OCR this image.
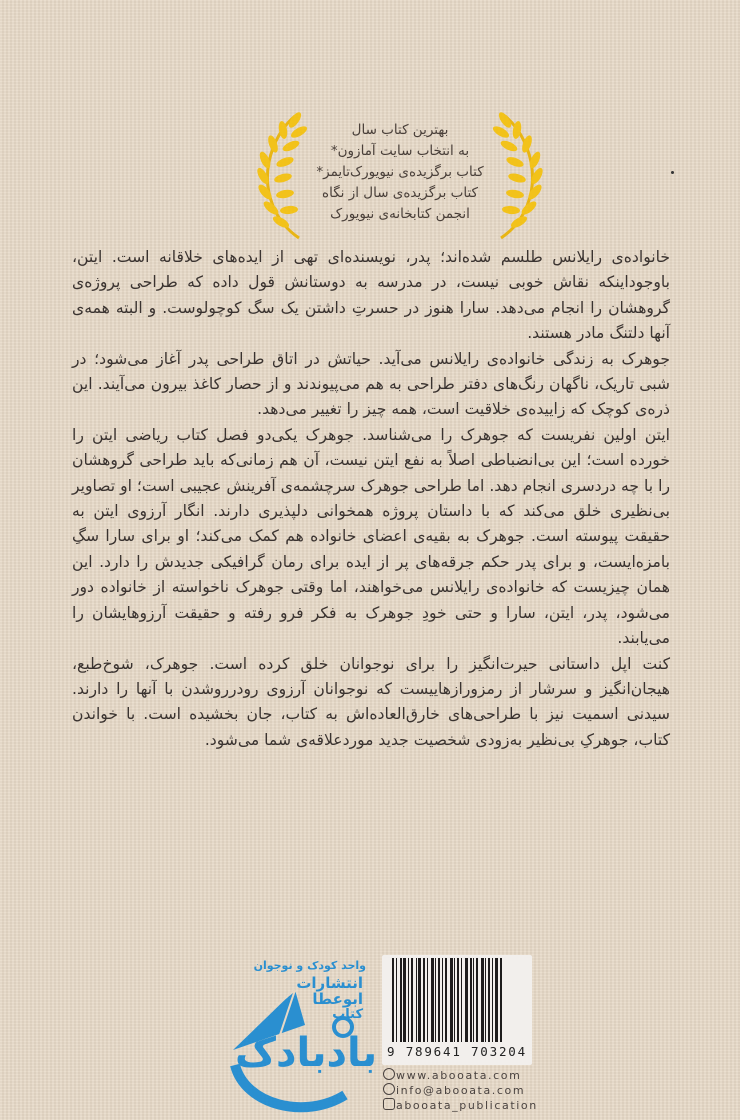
بهترین کتاب سال
به انتخاب سایت آمازون*
کتاب برگزیده‌ی نیویورک‌تایمز*
کتاب برگزیده‌ی سال از نگاه
انجمن کتابخانه‌ی نیویورک

خانواده‌ی رایلانس طلسم شده‌اند؛ پدر، نویسنده‌ای تهی از ایده‌های خلاقانه است. ایتن، باوجوداینکه نقاش خوبی نیست، در مدرسه به دوستانش قول داده که طراحی پروژه‌ی گروهشان را انجام می‌دهد. سارا هنوز در حسرتِ داشتن یک سگ کوچولوست. و البته همه‌ی آنها دلتنگ مادر هستند.

جوهرک به زندگی خانواده‌ی رایلانس می‌آید. حیاتش در اتاق طراحی پدر آغاز می‌شود؛ در شبی تاریک، ناگهان رنگ‌های دفتر طراحی به هم می‌پیوندند و از حصار کاغذ بیرون می‌آیند. این ذره‌ی کوچک که زاییده‌ی خلاقیت است، همه چیز را تغییر می‌دهد.

ایتن اولین نفریست که جوهرک را می‌شناسد. جوهرک یکی‌دو فصل کتاب ریاضی ایتن را خورده است؛ این بی‌انضباطی اصلاً به نفع ایتن نیست، آن هم زمانی‌که باید طراحی گروهشان را با چه دردسری انجام دهد. اما طراحی جوهرک سرچشمه‌ی آفرینش عجیبی است؛ او تصاویر بی‌نظیری خلق می‌کند که با داستان پروژه همخوانی دلپذیری دارند. انگار آرزوی ایتن به حقیقت پیوسته است. جوهرک به بقیه‌ی اعضای خانواده هم کمک می‌کند؛ او برای سارا سگِ بامزه‌ایست، و برای پدر حکم جرقه‌های پر از ایده برای رمان گرافیکی جدیدش را دارد. این همان چیزیست که خانواده‌ی رایلانس می‌خواهند، اما وقتی جوهرک ناخواسته از خانواده دور می‌شود، پدر، ایتن، سارا و حتی خودِ جوهرک به فکر فرو رفته و حقیقت آرزوهایشان را می‌یابند.

کنت اپل داستانی حیرت‌انگیز را برای نوجوانان خلق کرده است. جوهرک، شوخ‌طبع، هیجان‌انگیز و سرشار از رمزورازهاییست که نوجوانان آرزوی رودرروشدن با آنها را دارند. سیدنی اسمیت نیز با طراحی‌های خارق‌العاده‌اش به کتاب، جان بخشیده است. با خواندن کتاب، جوهرکِ بی‌نظیر به‌زودی شخصیت جدید موردعلاقه‌ی شما می‌شود.

واحد کودک و نوجوان
انتشارات
ابوعطا
کتاب
بادبادک 9 789641 703204
www.abooata.com
info@abooata.com
abooata_publication
